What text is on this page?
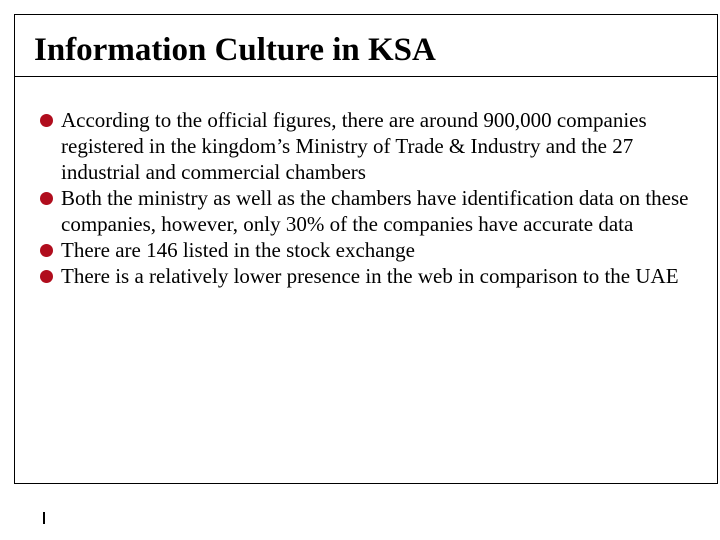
Information Culture in KSA
According to the official figures, there are around 900,000 companies registered in the kingdom’s Ministry of Trade & Industry and the 27 industrial and commercial chambers
Both the ministry as well as the chambers have identification data on these companies, however, only 30% of the companies have accurate data
There are 146 listed in the stock exchange
There is a relatively lower presence in the web in comparison to the UAE
